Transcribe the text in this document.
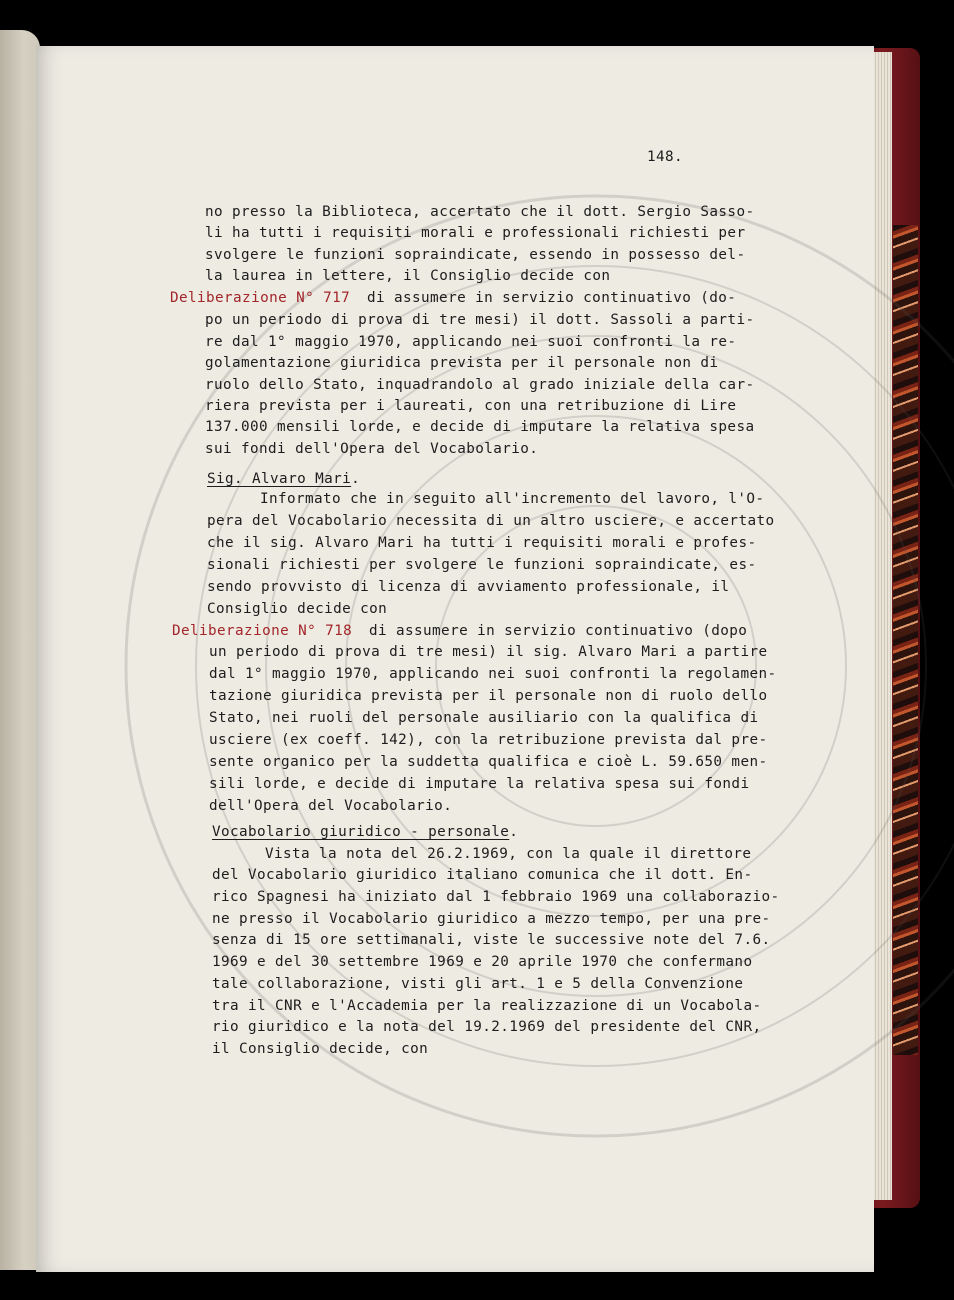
148.
no presso la Biblioteca, accertato che il dott. Sergio Sasso-
li ha tutti i requisiti morali e professionali richiesti per
svolgere le funzioni sopraindicate, essendo in possesso del-
la laurea in lettere, il Consiglio decide con
Deliberazione N° 717 di assumere in servizio continuativo (do-
po un periodo di prova di tre mesi) il dott. Sassoli a parti-
re dal 1° maggio 1970, applicando nei suoi confronti la re-
golamentazione giuridica prevista per il personale non di
ruolo dello Stato, inquadrandolo al grado iniziale della car-
riera prevista per i laureati, con una retribuzione di Lire
137.000 mensili lorde, e decide di imputare la relativa spesa
sui fondi dell'Opera del Vocabolario.
Sig. Alvaro Mari.
Informato che in seguito all'incremento del lavoro, l'O-
pera del Vocabolario necessita di un altro usciere, e accertato
che il sig. Alvaro Mari ha tutti i requisiti morali e profes-
sionali richiesti per svolgere le funzioni sopraindicate, es-
sendo provvisto di licenza di avviamento professionale, il
Consiglio decide con
Deliberazione N° 718 di assumere in servizio continuativo (dopo
un periodo di prova di tre mesi) il sig. Alvaro Mari a partire
dal 1° maggio 1970, applicando nei suoi confronti la regolamen-
tazione giuridica prevista per il personale non di ruolo dello
Stato, nei ruoli del personale ausiliario con la qualifica di
usciere (ex coeff. 142), con la retribuzione prevista dal pre-
sente organico per la suddetta qualifica e cioè L. 59.650 men-
sili lorde, e decide di imputare la relativa spesa sui fondi
dell'Opera del Vocabolario.
Vocabolario giuridico - personale.
Vista la nota del 26.2.1969, con la quale il direttore
del Vocabolario giuridico italiano comunica che il dott. En-
rico Spagnesi ha iniziato dal 1 febbraio 1969 una collaborazio-
ne presso il Vocabolario giuridico a mezzo tempo, per una pre-
senza di 15 ore settimanali, viste le successive note del 7.6.
1969 e del 30 settembre 1969 e 20 aprile 1970 che confermano
tale collaborazione, visti gli art. 1 e 5 della Convenzione
tra il CNR e l'Accademia per la realizzazione di un Vocabola-
rio giuridico e la nota del 19.2.1969 del presidente del CNR,
il Consiglio decide, con
